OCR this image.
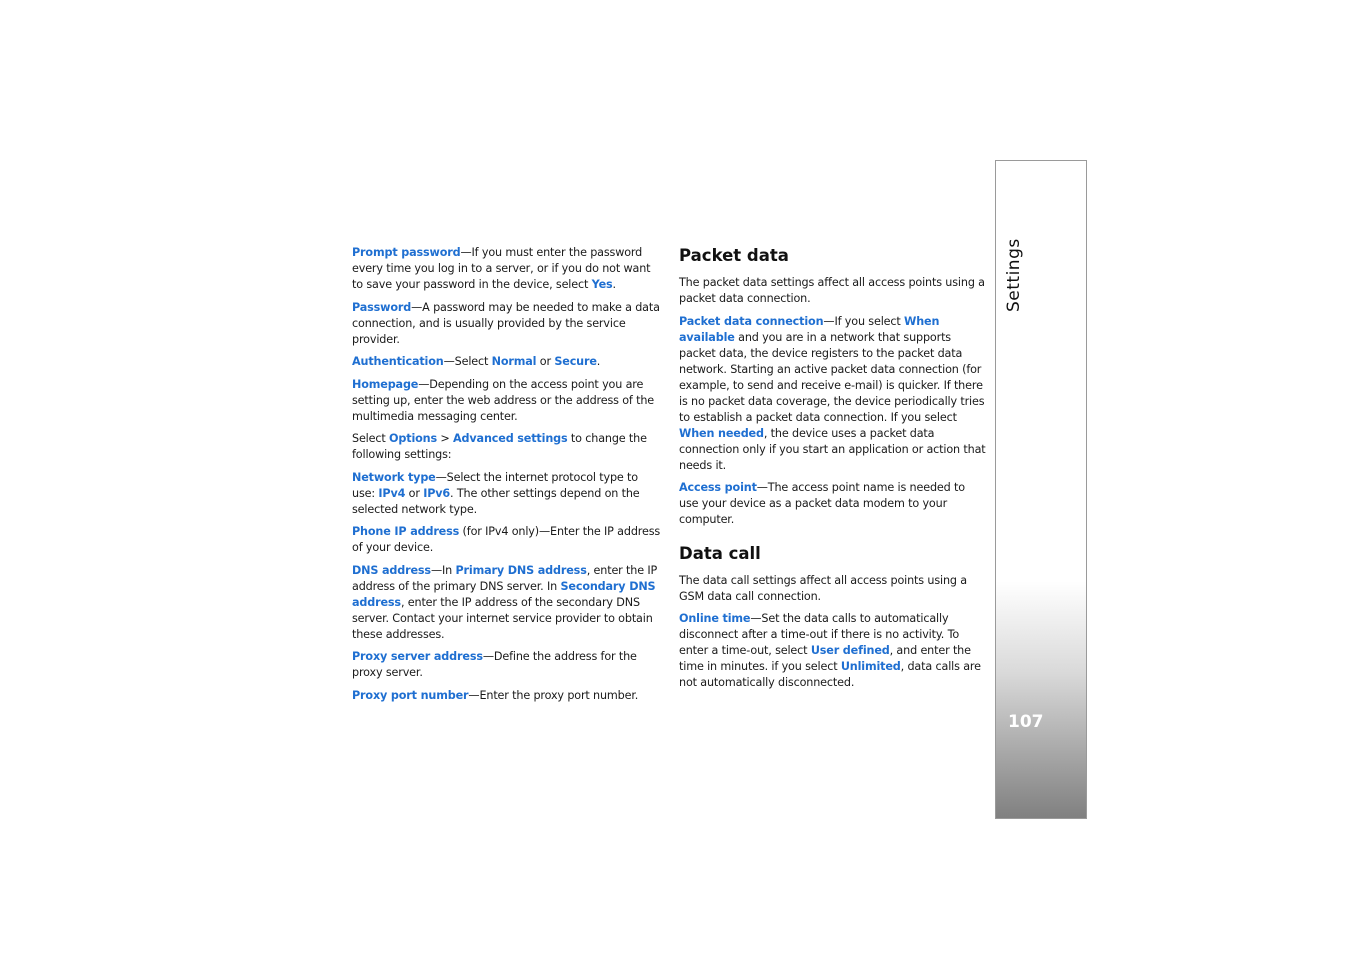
Prompt password—If you must enter the password every time you log in to a server, or if you do not want to save your password in the device, select Yes.

Password—A password may be needed to make a data connection, and is usually provided by the service provider.

Authentication—Select Normal or Secure.

Homepage—Depending on the access point you are setting up, enter the web address or the address of the multimedia messaging center.

Select Options > Advanced settings to change the following settings:

Network type—Select the internet protocol type to use: IPv4 or IPv6. The other settings depend on the selected network type.

Phone IP address (for IPv4 only)—Enter the IP address of your device.

DNS address—In Primary DNS address, enter the IP address of the primary DNS server. In Secondary DNS address, enter the IP address of the secondary DNS server. Contact your internet service provider to obtain these addresses.

Proxy server address—Define the address for the proxy server.

Proxy port number—Enter the proxy port number.

Packet data

The packet data settings affect all access points using a packet data connection.

Packet data connection—If you select When available and you are in a network that supports packet data, the device registers to the packet data network. Starting an active packet data connection (for example, to send and receive e-mail) is quicker. If there is no packet data coverage, the device periodically tries to establish a packet data connection. If you select When needed, the device uses a packet data connection only if you start an application or action that needs it.

Access point—The access point name is needed to use your device as a packet data modem to your computer.

Data call

The data call settings affect all access points using a GSM data call connection.

Online time—Set the data calls to automatically disconnect after a time-out if there is no activity. To enter a time-out, select User defined, and enter the time in minutes. if you select Unlimited, data calls are not automatically disconnected.

Settings
107
